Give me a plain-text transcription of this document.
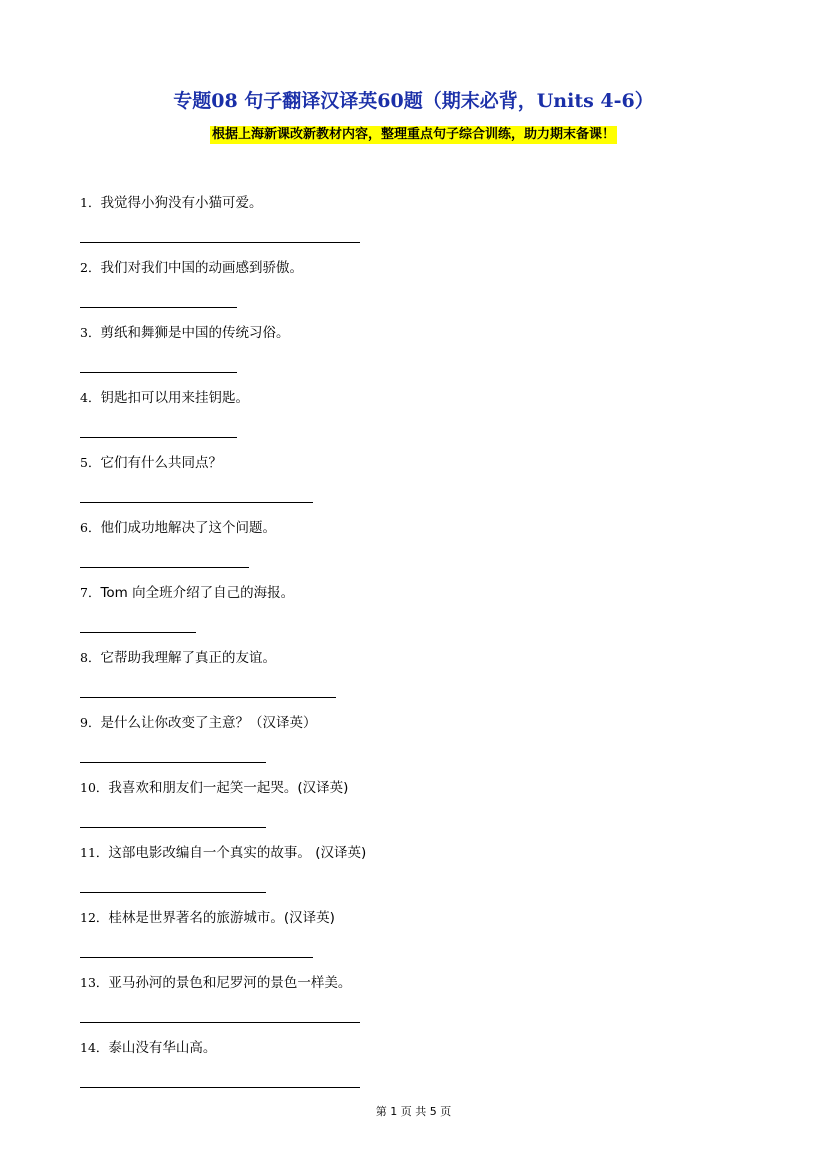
专题08 句子翻译汉译英60题（期末必背，Units 4-6）
根据上海新课改新教材内容，整理重点句子综合训练，助力期末备课！
1．我觉得小狗没有小猫可爱。
2．我们对我们中国的动画感到骄傲。
3．剪纸和舞狮是中国的传统习俗。
4．钥匙扣可以用来挂钥匙。
5．它们有什么共同点？
6．他们成功地解决了这个问题。
7．Tom 向全班介绍了自己的海报。
8．它帮助我理解了真正的友谊。
9．是什么让你改变了主意？（汉译英）
10．我喜欢和朋友们一起笑一起哭。(汉译英)
11．这部电影改编自一个真实的故事。 (汉译英)
12．桂林是世界著名的旅游城市。(汉译英)
13．亚马孙河的景色和尼罗河的景色一样美。
14．泰山没有华山高。
第 1 页 共 5 页
